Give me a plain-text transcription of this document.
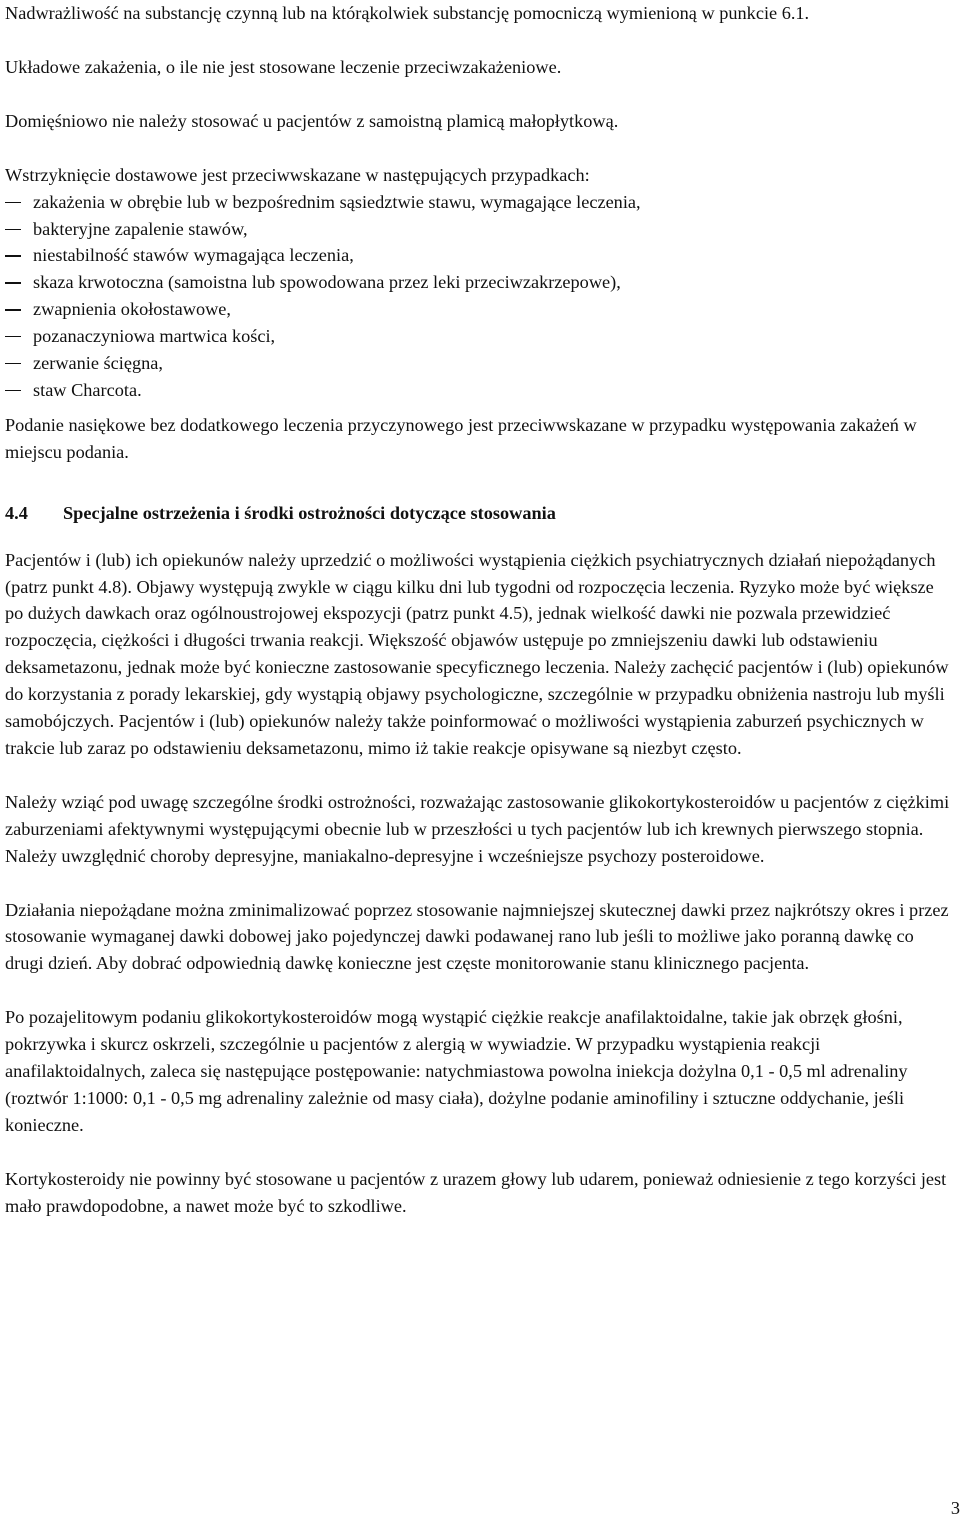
Nadwrażliwość na substancję czynną lub na którąkolwiek substancję pomocniczą wymienioną w punkcie 6.1.

Układowe zakażenia, o ile nie jest stosowane leczenie przeciwzakażeniowe.

Domięśniowo nie należy stosować u pacjentów z samoistną plamicą małopłytkową.

Wstrzyknięcie dostawowe jest przeciwwskazane w następujących przypadkach:

zakażenia w obrębie lub w bezpośrednim sąsiedztwie stawu, wymagające leczenia,
bakteryjne zapalenie stawów,
niestabilność stawów wymagająca leczenia,
skaza krwotoczna (samoistna lub spowodowana przez leki przeciwzakrzepowe),
zwapnienia okołostawowe,
pozanaczyniowa martwica kości,
zerwanie ścięgna,
staw Charcota.

Podanie nasiękowe bez dodatkowego leczenia przyczynowego jest przeciwwskazane w przypadku występowania zakażeń w miejscu podania.

4.4 Specjalne ostrzeżenia i środki ostrożności dotyczące stosowania

Pacjentów i (lub) ich opiekunów należy uprzedzić o możliwości wystąpienia ciężkich psychiatrycznych działań niepożądanych (patrz punkt 4.8). Objawy występują zwykle w ciągu kilku dni lub tygodni od rozpoczęcia leczenia. Ryzyko może być większe po dużych dawkach oraz ogólnoustrojowej ekspozycji (patrz punkt 4.5), jednak wielkość dawki nie pozwala przewidzieć rozpoczęcia, ciężkości i długości trwania reakcji. Większość objawów ustępuje po zmniejszeniu dawki lub odstawieniu deksametazonu, jednak może być konieczne zastosowanie specyficznego leczenia. Należy zachęcić pacjentów i (lub) opiekunów do korzystania z porady lekarskiej, gdy wystąpią objawy psychologiczne, szczególnie w przypadku obniżenia nastroju lub myśli samobójczych. Pacjentów i (lub) opiekunów należy także poinformować o możliwości wystąpienia zaburzeń psychicznych w trakcie lub zaraz po odstawieniu deksametazonu, mimo iż takie reakcje opisywane są niezbyt często.

Należy wziąć pod uwagę szczególne środki ostrożności, rozważając zastosowanie glikokortykosteroidów u pacjentów z ciężkimi zaburzeniami afektywnymi występującymi obecnie lub w przeszłości u tych pacjentów lub ich krewnych pierwszego stopnia. Należy uwzględnić choroby depresyjne, maniakalno-depresyjne i wcześniejsze psychozy posteroidowe.

Działania niepożądane można zminimalizować poprzez stosowanie najmniejszej skutecznej dawki przez najkrótszy okres i przez stosowanie wymaganej dawki dobowej jako pojedynczej dawki podawanej rano lub jeśli to możliwe jako poranną dawkę co drugi dzień. Aby dobrać odpowiednią dawkę konieczne jest częste monitorowanie stanu klinicznego pacjenta.

Po pozajelitowym podaniu glikokortykosteroidów mogą wystąpić ciężkie reakcje anafilaktoidalne, takie jak obrzęk głośni, pokrzywka i skurcz oskrzeli, szczególnie u pacjentów z alergią w wywiadzie. W przypadku wystąpienia reakcji anafilaktoidalnych, zaleca się następujące postępowanie: natychmiastowa powolna iniekcja dożylna 0,1 - 0,5 ml adrenaliny (roztwór 1:1000: 0,1 - 0,5 mg adrenaliny zależnie od masy ciała), dożylne podanie aminofiliny i sztuczne oddychanie, jeśli konieczne.

Kortykosteroidy nie powinny być stosowane u pacjentów z urazem głowy lub udarem, ponieważ odniesienie z tego korzyści jest mało prawdopodobne, a nawet może być to szkodliwe.

3
